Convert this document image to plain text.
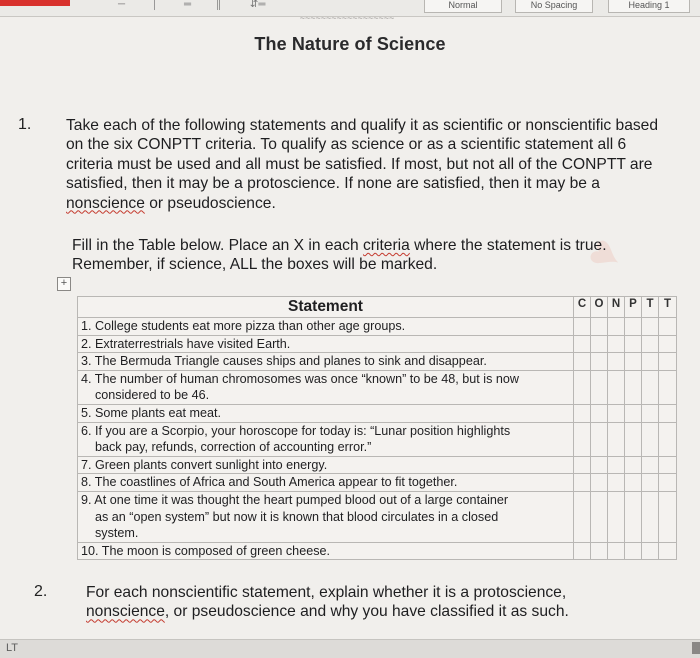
─	│	═ ║	⇵═	Normal	No Spacing	Heading 1
~~~~~~~~~~~~~~~~~~
♥
The Nature of Science
1. Take each of the following statements and qualify it as scientific or nonscientific based on the six CONPTT criteria. To qualify as science or as a scientific statement all 6 criteria must be used and all must be satisfied. If most, but not all of the CONPTT are satisfied, then it may be a protoscience. If none are satisfied, then it may be a nonscience or pseudoscience.
Fill in the Table below. Place an X in each criteria where the statement is true. Remember, if science, ALL the boxes will be marked.
+
Statement	C	O	N	P	T	T

1. College students eat more pizza than other age groups.						

2. Extraterrestrials have visited Earth.						

3. The Bermuda Triangle causes ships and planes to sink and disappear.						

4. The number of human chromosomes was once “known” to be 48, but is now
considered to be 46.						

5. Some plants eat meat.						

6. If you are a Scorpio, your horoscope for today is: “Lunar position highlights
back pay, refunds, correction of accounting error.”						

7. Green plants convert sunlight into energy.						

8. The coastlines of Africa and South America appear to fit together.						

9. At one time it was thought the heart pumped blood out of a large container
as an “open system” but now it is known that blood circulates in a closed
system.						

10. The moon is composed of green cheese.						

2. For each nonscientific statement, explain whether it is a protoscience, nonscience, or pseudoscience and why you have classified it as such.
LT
